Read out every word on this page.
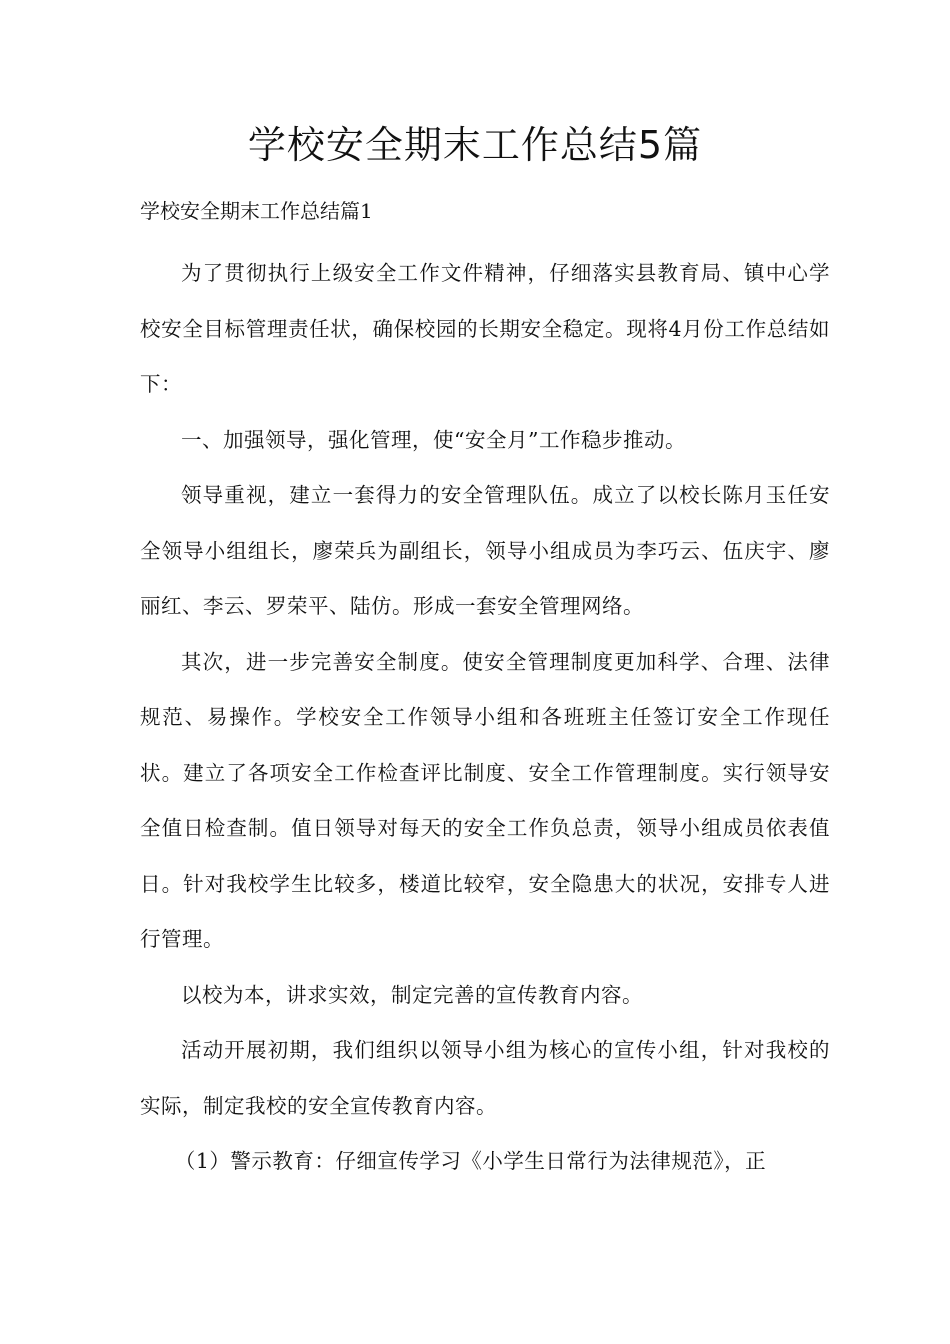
学校安全期末工作总结5篇
学校安全期末工作总结篇1

为了贯彻执行上级安全工作文件精神，仔细落实县教育局、镇中心学校安全目标管理责任状，确保校园的长期安全稳定。现将4月份工作总结如下：

一、加强领导，强化管理，使“安全月”工作稳步推动。

领导重视，建立一套得力的安全管理队伍。成立了以校长陈月玉任安全领导小组组长，廖荣兵为副组长，领导小组成员为李巧云、伍庆宇、廖丽红、李云、罗荣平、陆仿。形成一套安全管理网络。

其次，进一步完善安全制度。使安全管理制度更加科学、合理、法律规范、易操作。学校安全工作领导小组和各班班主任签订安全工作现任状。建立了各项安全工作检查评比制度、安全工作管理制度。实行领导安全值日检查制。值日领导对每天的安全工作负总责，领导小组成员依表值日。针对我校学生比较多，楼道比较窄，安全隐患大的状况，安排专人进行管理。

以校为本，讲求实效，制定完善的宣传教育内容。

活动开展初期，我们组织以领导小组为核心的宣传小组，针对我校的实际，制定我校的安全宣传教育内容。

（1）警示教育：仔细宣传学习《小学生日常行为法律规范》，正
